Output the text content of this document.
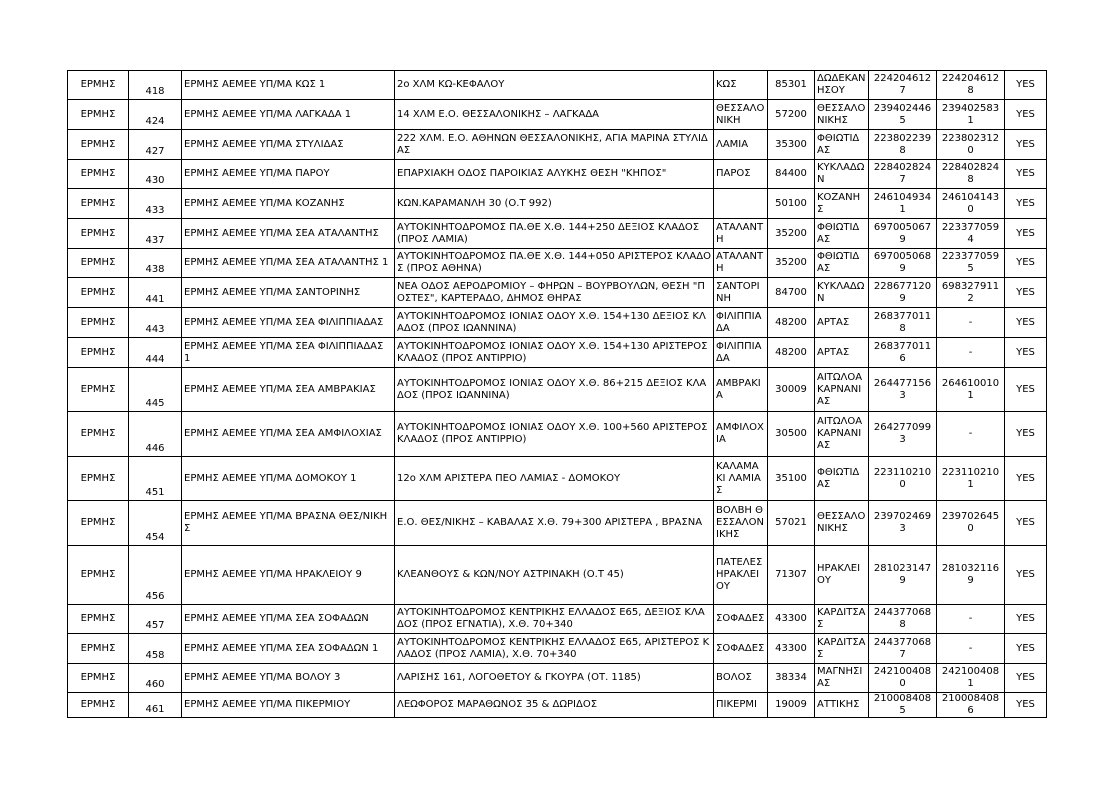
ΕΡΜΗΣ	418	ΕΡΜΗΣ ΑΕΜΕΕ ΥΠ/ΜΑ ΚΩΣ 1	2ο ΧΛΜ ΚΩ-ΚΕΦΑΛΟΥ	ΚΩΣ	85301	ΔΩΔΕΚΑΝΗΣΟΥ	2242046127	2242046128	YES
ΕΡΜΗΣ	424	ΕΡΜΗΣ ΑΕΜΕΕ ΥΠ/ΜΑ ΛΑΓΚΑΔΑ 1	14 ΧΛΜ Ε.Ο. ΘΕΣΣΑΛΟΝΙΚΗΣ – ΛΑΓΚΑΔΑ	ΘΕΣΣΑΛΟΝΙΚΗ	57200	ΘΕΣΣΑΛΟΝΙΚΗΣ	2394024465	2394025831	YES
ΕΡΜΗΣ	427	ΕΡΜΗΣ ΑΕΜΕΕ ΥΠ/ΜΑ ΣΤΥΛΙΔΑΣ	222 ΧΛΜ. Ε.Ο. ΑΘΗΝΩΝ ΘΕΣΣΑΛΟΝΙΚΗΣ, ΑΓΙΑ ΜΑΡΙΝΑ ΣΤΥΛΙΔΑΣ	ΛΑΜΙΑ	35300	ΦΘΙΩΤΙΔΑΣ	2238022398	2238023120	YES
ΕΡΜΗΣ	430	ΕΡΜΗΣ ΑΕΜΕΕ ΥΠ/ΜΑ ΠΑΡΟΥ	ΕΠΑΡΧΙΑΚΗ ΟΔΟΣ ΠΑΡΟΙΚΙΑΣ ΑΛΥΚΗΣ ΘΕΣΗ "ΚΗΠΟΣ"	ΠΑΡΟΣ	84400	ΚΥΚΛΑΔΩΝ	2284028247	2284028248	YES
ΕΡΜΗΣ	433	ΕΡΜΗΣ ΑΕΜΕΕ ΥΠ/ΜΑ ΚΟΖΑΝΗΣ	ΚΩΝ.ΚΑΡΑΜΑΝΛΗ 30 (Ο.Τ 992)		50100	ΚΟΖΑΝΗΣ	2461049341	2461041430	YES
ΕΡΜΗΣ	437	ΕΡΜΗΣ ΑΕΜΕΕ ΥΠ/ΜΑ ΣΕΑ ΑΤΑΛΑΝΤΗΣ	ΑΥΤΟΚΙΝΗΤΟΔΡΟΜΟΣ ΠΑ.ΘΕ Χ.Θ. 144+250 ΔΕΞΙΟΣ ΚΛΑΔΟΣ (ΠΡΟΣ ΛΑΜΙΑ)	ΑΤΑΛΑΝΤΗ	35200	ΦΘΙΩΤΙΔΑΣ	6970050679	2233770594	YES
ΕΡΜΗΣ	438	ΕΡΜΗΣ ΑΕΜΕΕ ΥΠ/ΜΑ ΣΕΑ ΑΤΑΛΑΝΤΗΣ 1	ΑΥΤΟΚΙΝΗΤΟΔΡΟΜΟΣ ΠΑ.ΘΕ Χ.Θ. 144+050 ΑΡΙΣΤΕΡΟΣ ΚΛΑΔΟΣ (ΠΡΟΣ ΑΘΗΝΑ)	ΑΤΑΛΑΝΤΗ	35200	ΦΘΙΩΤΙΔΑΣ	6970050689	2233770595	YES
ΕΡΜΗΣ	441	ΕΡΜΗΣ ΑΕΜΕΕ ΥΠ/ΜΑ ΣΑΝΤΟΡΙΝΗΣ	ΝΕΑ ΟΔΟΣ ΑΕΡΟΔΡΟΜΙΟΥ – ΦΗΡΩΝ – ΒΟΥΡΒΟΥΛΩΝ, ΘΕΣΗ "ΠΟΣΤΕΣ", ΚΑΡΤΕΡΑΔΟ, ΔΗΜΟΣ ΘΗΡΑΣ	ΣΑΝΤΟΡΙΝΗ	84700	ΚΥΚΛΑΔΩΝ	2286771209	6983279112	YES
ΕΡΜΗΣ	443	ΕΡΜΗΣ ΑΕΜΕΕ ΥΠ/ΜΑ ΣΕΑ ΦΙΛΙΠΠΙΑΔΑΣ	ΑΥΤΟΚΙΝΗΤΟΔΡΟΜΟΣ ΙΟΝΙΑΣ ΟΔΟΥ Χ.Θ. 154+130 ΔΕΞΙΟΣ ΚΛΑΔΟΣ (ΠΡΟΣ ΙΩΑΝΝΙΝΑ)	ΦΙΛΙΠΠΙΑΔΑ	48200	ΑΡΤΑΣ	2683770118	-	YES
ΕΡΜΗΣ	444	ΕΡΜΗΣ ΑΕΜΕΕ ΥΠ/ΜΑ ΣΕΑ ΦΙΛΙΠΠΙΑΔΑΣ 1	ΑΥΤΟΚΙΝΗΤΟΔΡΟΜΟΣ ΙΟΝΙΑΣ ΟΔΟΥ Χ.Θ. 154+130 ΑΡΙΣΤΕΡΟΣ ΚΛΑΔΟΣ (ΠΡΟΣ ΑΝΤΙΡΡΙΟ)	ΦΙΛΙΠΠΙΑΔΑ	48200	ΑΡΤΑΣ	2683770116	-	YES
ΕΡΜΗΣ	445	ΕΡΜΗΣ ΑΕΜΕΕ ΥΠ/ΜΑ ΣΕΑ ΑΜΒΡΑΚΙΑΣ	ΑΥΤΟΚΙΝΗΤΟΔΡΟΜΟΣ ΙΟΝΙΑΣ ΟΔΟΥ Χ.Θ. 86+215 ΔΕΞΙΟΣ ΚΛΑΔΟΣ (ΠΡΟΣ ΙΩΑΝΝΙΝΑ)	ΑΜΒΡΑΚΙΑ	30009	ΑΙΤΩΛΟΑΚΑΡΝΑΝΙΑΣ	2644771563	2646100101	YES
ΕΡΜΗΣ	446	ΕΡΜΗΣ ΑΕΜΕΕ ΥΠ/ΜΑ ΣΕΑ ΑΜΦΙΛΟΧΙΑΣ	ΑΥΤΟΚΙΝΗΤΟΔΡΟΜΟΣ ΙΟΝΙΑΣ ΟΔΟΥ Χ.Θ. 100+560 ΑΡΙΣΤΕΡΟΣ ΚΛΑΔΟΣ (ΠΡΟΣ ΑΝΤΙΡΡΙΟ)	ΑΜΦΙΛΟΧΙΑ	30500	ΑΙΤΩΛΟΑΚΑΡΝΑΝΙΑΣ	2642770993	-	YES
ΕΡΜΗΣ	451	ΕΡΜΗΣ ΑΕΜΕΕ ΥΠ/ΜΑ ΔΟΜΟΚΟΥ 1	12ο ΧΛΜ ΑΡΙΣΤΕΡΑ ΠΕΟ ΛΑΜΙΑΣ - ΔΟΜΟΚΟΥ	ΚΑΛΑΜΑΚΙ ΛΑΜΙΑΣ	35100	ΦΘΙΩΤΙΔΑΣ	2231102100	2231102101	YES
ΕΡΜΗΣ	454	ΕΡΜΗΣ ΑΕΜΕΕ ΥΠ/ΜΑ ΒΡΑΣΝΑ ΘΕΣ/ΝΙΚΗΣ	Ε.Ο. ΘΕΣ/ΝΙΚΗΣ – ΚΑΒΑΛΑΣ Χ.Θ. 79+300 ΑΡΙΣΤΕΡΑ , ΒΡΑΣΝΑ	ΒΟΛΒΗ ΘΕΣΣΑΛΟΝΙΚΗΣ	57021	ΘΕΣΣΑΛΟΝΙΚΗΣ	2397024693	2397026450	YES
ΕΡΜΗΣ	456	ΕΡΜΗΣ ΑΕΜΕΕ ΥΠ/ΜΑ ΗΡΑΚΛΕΙΟΥ 9	ΚΛΕΑΝΘΟΥΣ & ΚΩΝ/ΝΟΥ ΑΣΤΡΙΝΑΚΗ (Ο.Τ 45)	ΠΑΤΕΛΕΣ ΗΡΑΚΛΕΙΟΥ	71307	ΗΡΑΚΛΕΙΟΥ	2810231479	2810321169	YES
ΕΡΜΗΣ	457	ΕΡΜΗΣ ΑΕΜΕΕ ΥΠ/ΜΑ ΣΕΑ ΣΟΦΑΔΩΝ	ΑΥΤΟΚΙΝΗΤΟΔΡΟΜΟΣ ΚΕΝΤΡΙΚΗΣ ΕΛΛΑΔΟΣ Ε65, ΔΕΞΙΟΣ ΚΛΑΔΟΣ (ΠΡΟΣ ΕΓΝΑΤΙΑ), Χ.Θ. 70+340	ΣΟΦΑΔΕΣ	43300	ΚΑΡΔΙΤΣΑΣ	2443770688	-	YES
ΕΡΜΗΣ	458	ΕΡΜΗΣ ΑΕΜΕΕ ΥΠ/ΜΑ ΣΕΑ ΣΟΦΑΔΩΝ 1	ΑΥΤΟΚΙΝΗΤΟΔΡΟΜΟΣ ΚΕΝΤΡΙΚΗΣ ΕΛΛΑΔΟΣ Ε65, ΑΡΙΣΤΕΡΟΣ ΚΛΑΔΟΣ (ΠΡΟΣ ΛΑΜΙΑ), Χ.Θ. 70+340	ΣΟΦΑΔΕΣ	43300	ΚΑΡΔΙΤΣΑΣ	2443770687	-	YES
ΕΡΜΗΣ	460	ΕΡΜΗΣ ΑΕΜΕΕ ΥΠ/ΜΑ ΒΟΛΟΥ 3	ΛΑΡΙΣΗΣ 161, ΛΟΓΟΘΕΤΟΥ & ΓΚΟΥΡΑ (ΟΤ. 1185)	ΒΟΛΟΣ	38334	ΜΑΓΝΗΣΙΑΣ	2421004080	2421004081	YES
ΕΡΜΗΣ	461	ΕΡΜΗΣ ΑΕΜΕΕ ΥΠ/ΜΑ ΠΙΚΕΡΜΙΟΥ	ΛΕΩΦΟΡΟΣ ΜΑΡΑΘΩΝΟΣ 35 & ΔΩΡΙΔΟΣ	ΠΙΚΕΡΜΙ	19009	ΑΤΤΙΚΗΣ	2100084085	2100084086	YES
